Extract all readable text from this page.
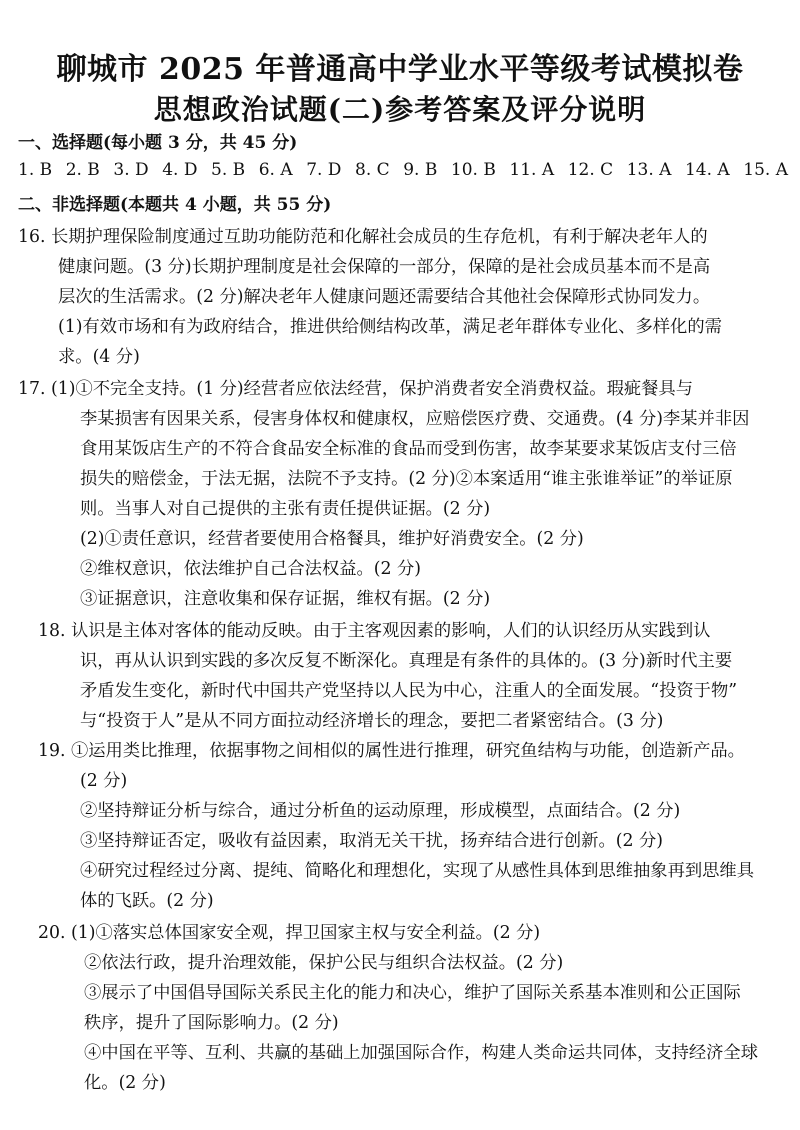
聊城市 2025 年普通高中学业水平等级考试模拟卷
思想政治试题(二)参考答案及评分说明
一、选择题(每小题 3 分，共 45 分)
1. B 2. B 3. D 4. D 5. B 6. A 7. D 8. C 9. B 10. B 11. A 12. C 13. A 14. A 15. A
二、非选择题(本题共 4 小题，共 55 分)

16. 长期护理保险制度通过互助功能防范和化解社会成员的生存危机，有利于解决老年人的

健康问题。(3 分)长期护理制度是社会保障的一部分，保障的是社会成员基本而不是高

层次的生活需求。(2 分)解决老年人健康问题还需要结合其他社会保障形式协同发力。

(1)有效市场和有为政府结合，推进供给侧结构改革，满足老年群体专业化、多样化的需

求。(4 分)

17. (1)①不完全支持。(1 分)经营者应依法经营，保护消费者安全消费权益。瑕疵餐具与

李某损害有因果关系，侵害身体权和健康权，应赔偿医疗费、交通费。(4 分)李某并非因

食用某饭店生产的不符合食品安全标准的食品而受到伤害，故李某要求某饭店支付三倍

损失的赔偿金，于法无据，法院不予支持。(2 分)②本案适用“谁主张谁举证”的举证原

则。当事人对自己提供的主张有责任提供证据。(2 分)

(2)①责任意识，经营者要使用合格餐具，维护好消费安全。(2 分)

②维权意识，依法维护自己合法权益。(2 分)

③证据意识，注意收集和保存证据，维权有据。(2 分)

18. 认识是主体对客体的能动反映。由于主客观因素的影响，人们的认识经历从实践到认

识，再从认识到实践的多次反复不断深化。真理是有条件的具体的。(3 分)新时代主要

矛盾发生变化，新时代中国共产党坚持以人民为中心，注重人的全面发展。“投资于物”

与“投资于人”是从不同方面拉动经济增长的理念，要把二者紧密结合。(3 分)

19. ①运用类比推理，依据事物之间相似的属性进行推理，研究鱼结构与功能，创造新产品。

(2 分)

②坚持辩证分析与综合，通过分析鱼的运动原理，形成模型，点面结合。(2 分)

③坚持辩证否定，吸收有益因素，取消无关干扰，扬弃结合进行创新。(2 分)

④研究过程经过分离、提纯、简略化和理想化，实现了从感性具体到思维抽象再到思维具

体的飞跃。(2 分)

20. (1)①落实总体国家安全观，捍卫国家主权与安全利益。(2 分)

②依法行政，提升治理效能，保护公民与组织合法权益。(2 分)

③展示了中国倡导国际关系民主化的能力和决心，维护了国际关系基本准则和公正国际

秩序，提升了国际影响力。(2 分)

④中国在平等、互利、共赢的基础上加强国际合作，构建人类命运共同体，支持经济全球

化。(2 分)
